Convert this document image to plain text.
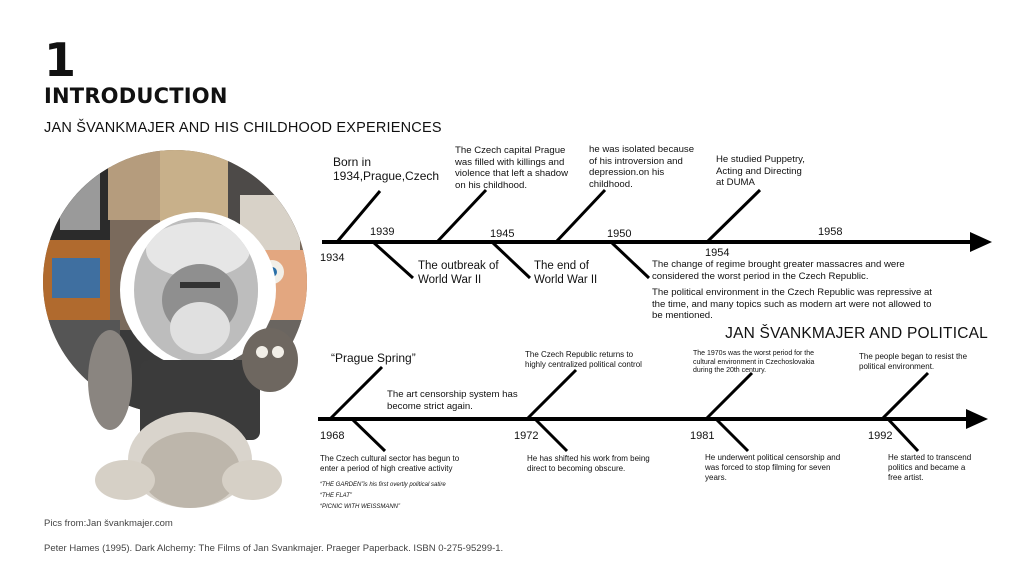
1
INTRODUCTION
JAN ŠVANKMAJER AND HIS CHILDHOOD EXPERIENCES
1934
1939	1945	1950
1954
1958
Born in
1934,Prague,Czech
The Czech capital Prague
was filled with killings and
violence that left a shadow
on his childhood.
he was isolated because
of his introversion and
depression.on his
childhood.
He studied Puppetry,
Acting and Directing
at DUMA
The outbreak of
World War II
The end of
World War II
The change of regime brought greater massacres and were
considered the worst period in the Czech Republic.
The political environment in the Czech Republic was repressive at
the time, and many topics such as modern art were not allowed to
be mentioned.
JAN ŠVANKMAJER AND POLITICAL
1968	1972	1981	1992
“Prague Spring”
The art censorship system has
become strict again.
The Czech Republic returns to
highly centralized political control
The 1970s was the worst period for the
cultural environment in Czechoslovakia
during the 20th century.
The people began to resist the
political environment.
The Czech cultural sector has begun to
enter a period of high creative activity
He has shifted his work from being
direct to becoming obscure.
He underwent political censorship and
was forced to stop filming for seven
years.
He started to transcend
politics and became a
free artist.
“THE GARDEN”is his first overtly political satire
“THE FLAT”
“PICNIC WITH WEISSMANN”
Pics from:Jan švankmajer.com
Peter Hames (1995). Dark Alchemy: The Films of Jan Svankmajer. Praeger Paperback. ISBN 0-275-95299-1.
